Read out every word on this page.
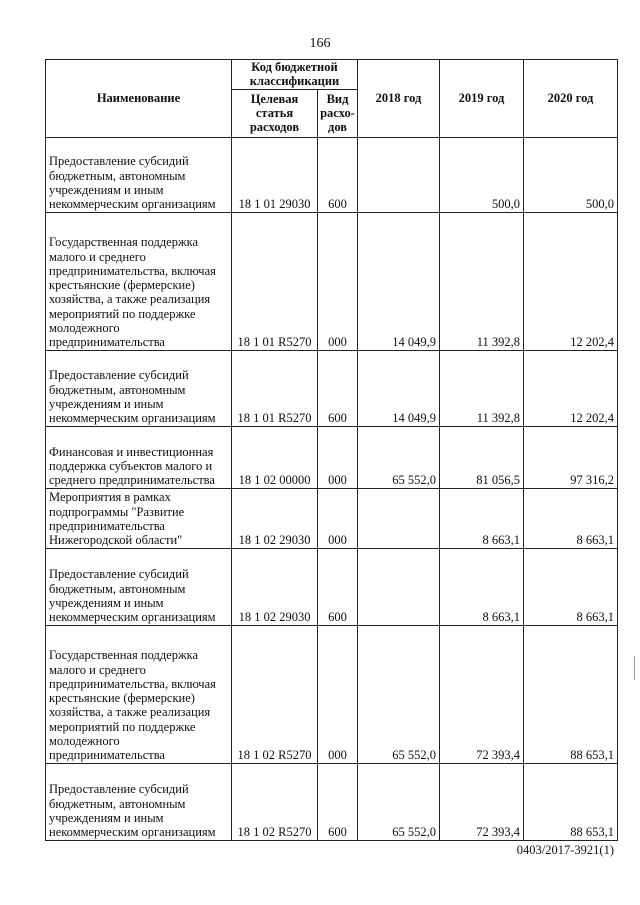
166
Наименование	Код бюджетной классификации		2018 год	2019 год	2020 год
	Целевая статья расходов	Вид расхо-дов			
Предоставление субсидий бюджетным, автономным учреждениям и иным некоммерческим организациям	18 1 01 29030	600		500,0	500,0
Государственная поддержка малого и среднего предпринимательства, включая крестьянские (фермерские) хозяйства, а также реализация мероприятий по поддержке молодежного предпринимательства	18 1 01 R5270	000	14 049,9	11 392,8	12 202,4
Предоставление субсидий бюджетным, автономным учреждениям и иным некоммерческим организациям	18 1 01 R5270	600	14 049,9	11 392,8	12 202,4
Финансовая и инвестиционная поддержка субъектов малого и среднего предпринимательства	18 1 02 00000	000	65 552,0	81 056,5	97 316,2
Мероприятия в рамках подпрограммы "Развитие предпринимательства Нижегородской области"	18 1 02 29030	000		8 663,1	8 663,1
Предоставление субсидий бюджетным, автономным учреждениям и иным некоммерческим организациям	18 1 02 29030	600		8 663,1	8 663,1
Государственная поддержка малого и среднего предпринимательства, включая крестьянские (фермерские) хозяйства, а также реализация мероприятий по поддержке молодежного предпринимательства	18 1 02 R5270	000	65 552,0	72 393,4	88 653,1
Предоставление субсидий бюджетным, автономным учреждениям и иным некоммерческим организациям	18 1 02 R5270	600	65 552,0	72 393,4	88 653,1
0403/2017-3921(1)
